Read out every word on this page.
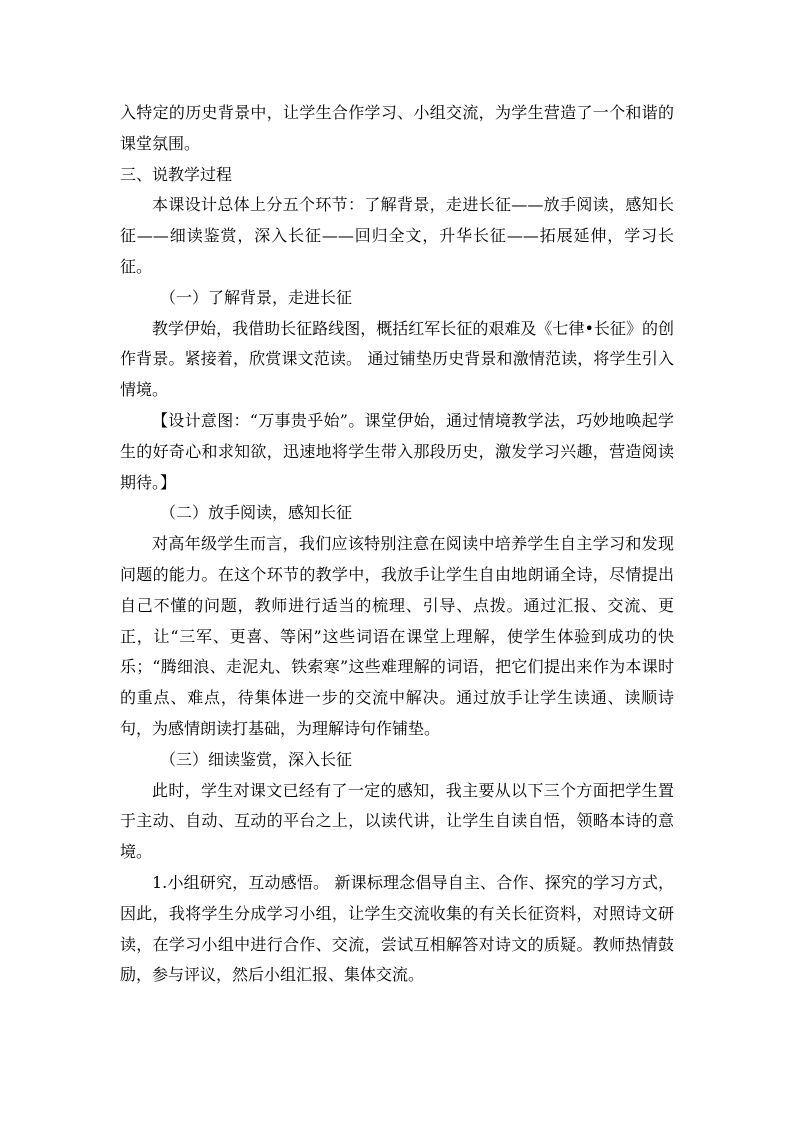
入特定的历史背景中，让学生合作学习、小组交流，为学生营造了一个和谐的课堂氛围。

三、说教学过程

本课设计总体上分五个环节：了解背景，走进长征——放手阅读，感知长征——细读鉴赏，深入长征——回归全文，升华长征——拓展延伸，学习长征。

（一）了解背景，走进长征

教学伊始，我借助长征路线图，概括红军长征的艰难及《七律•长征》的创作背景。紧接着，欣赏课文范读。 通过铺垫历史背景和激情范读，将学生引入情境。

【设计意图：“万事贵乎始”。课堂伊始，通过情境教学法，巧妙地唤起学生的好奇心和求知欲，迅速地将学生带入那段历史，激发学习兴趣，营造阅读期待。】

（二）放手阅读，感知长征

对高年级学生而言，我们应该特别注意在阅读中培养学生自主学习和发现问题的能力。在这个环节的教学中，我放手让学生自由地朗诵全诗，尽情提出自己不懂的问题，教师进行适当的梳理、引导、点拨。通过汇报、交流、更正，让“三军、更喜、等闲”这些词语在课堂上理解，使学生体验到成功的快乐；“腾细浪、走泥丸、铁索寒”这些难理解的词语，把它们提出来作为本课时的重点、难点，待集体进一步的交流中解决。通过放手让学生读通、读顺诗句，为感情朗读打基础，为理解诗句作铺垫。

（三）细读鉴赏，深入长征

此时，学生对课文已经有了一定的感知，我主要从以下三个方面把学生置于主动、自动、互动的平台之上，以读代讲，让学生自读自悟，领略本诗的意境。

1.小组研究，互动感悟。 新课标理念倡导自主、合作、探究的学习方式，因此，我将学生分成学习小组，让学生交流收集的有关长征资料，对照诗文研读，在学习小组中进行合作、交流，尝试互相解答对诗文的质疑。教师热情鼓励，参与评议，然后小组汇报、集体交流。
